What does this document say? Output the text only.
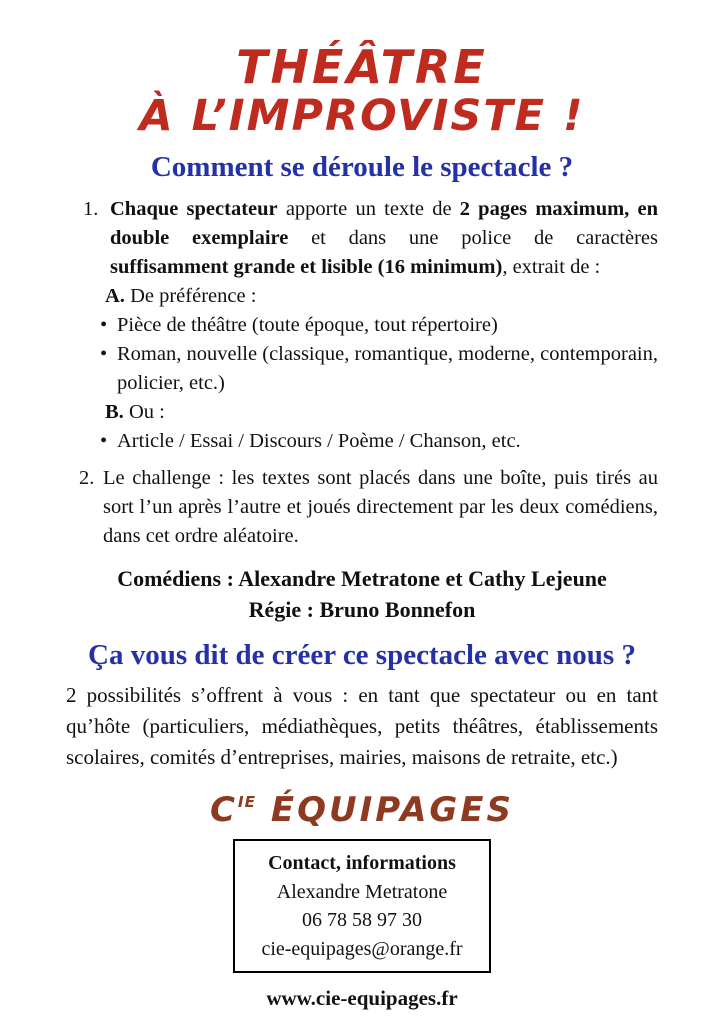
THÉÂTRE
À L’IMPROVISTE !
Comment se déroule le spectacle ?
1. Chaque spectateur apporte un texte de 2 pages maximum, en double exemplaire et dans une police de caractères suffisamment grande et lisible (16 minimum), extrait de :
A. De préférence :
• Pièce de théâtre (toute époque, tout répertoire)
• Roman, nouvelle (classique, romantique, moderne, contemporain, policier, etc.)
B. Ou :
• Article / Essai / Discours / Poème / Chanson, etc.
2. Le challenge : les textes sont placés dans une boîte, puis tirés au sort l’un après l’autre et joués directement par les deux comédiens, dans cet ordre aléatoire.
Comédiens : Alexandre Metratone et Cathy Lejeune
Régie : Bruno Bonnefon
Ça vous dit de créer ce spectacle avec nous ?
2 possibilités s’offrent à vous : en tant que spectateur ou en tant qu’hôte (particuliers, médiathèques, petits théâtres, établissements scolaires, comités d’entreprises, mairies, maisons de retraite, etc.)
$C^{IE}$ ÉQUIPAGES
Contact, informations
Alexandre Metratone
06 78 58 97 30
cie-equipages@orange.fr
www.cie-equipages.fr
